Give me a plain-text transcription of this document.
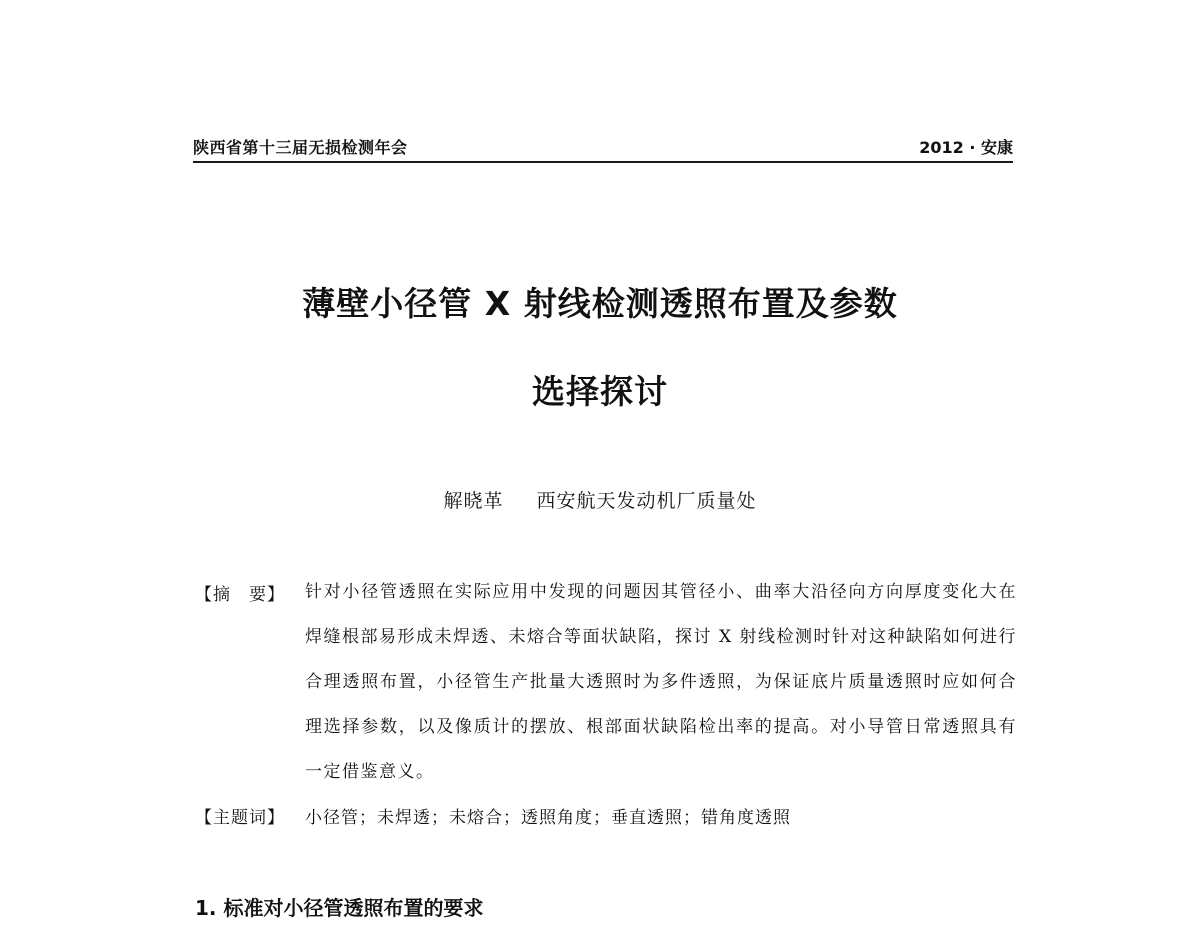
陕西省第十三届无损检测年会	2012 · 安康
薄壁小径管 X 射线检测透照布置及参数
选择探讨
解晓革 西安航天发动机厂质量处
【摘　要】 针对小径管透照在实际应用中发现的问题因其管径小、曲率大沿径向方向厚度变化大在焊缝根部易形成未焊透、未熔合等面状缺陷，探讨 X 射线检测时针对这种缺陷如何进行合理透照布置，小径管生产批量大透照时为多件透照，为保证底片质量透照时应如何合理选择参数，以及像质计的摆放、根部面状缺陷检出率的提高。对小导管日常透照具有一定借鉴意义。

【主题词】 小径管；未焊透；未熔合；透照角度；垂直透照；错角度透照
1. 标准对小径管透照布置的要求
